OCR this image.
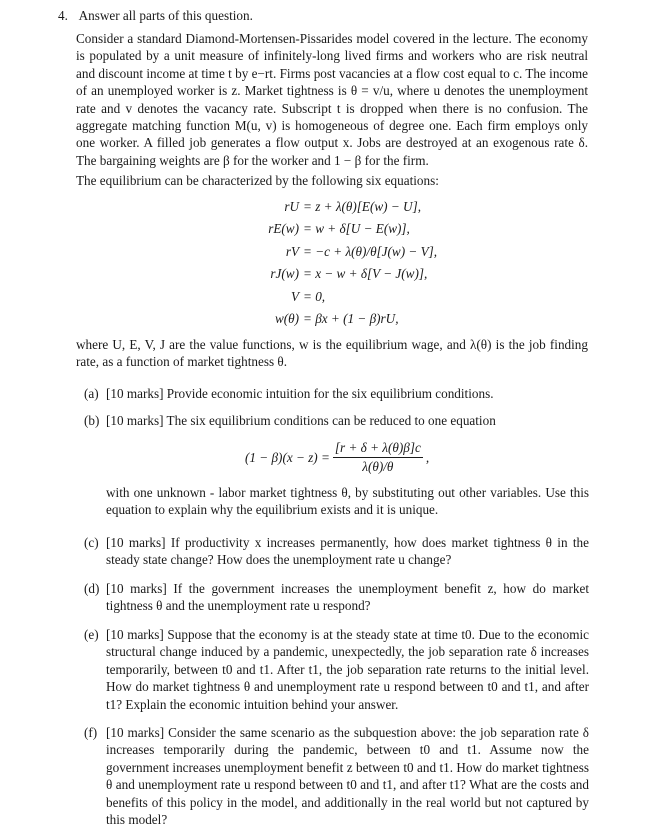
4. Answer all parts of this question.

Consider a standard Diamond-Mortensen-Pissarides model covered in the lecture. The economy is populated by a unit measure of infinitely-long lived firms and workers who are risk neutral and discount income at time t by e−rt. Firms post vacancies at a flow cost equal to c. The income of an unemployed worker is z. Market tightness is θ = v/u, where u denotes the unemployment rate and v denotes the vacancy rate. Subscript t is dropped when there is no confusion. The aggregate matching function M(u, v) is homogeneous of degree one. Each firm employs only one worker. A filled job generates a flow output x. Jobs are destroyed at an exogenous rate δ. The bargaining weights are β for the worker and 1 − β for the firm.

The equilibrium can be characterized by the following six equations:

rU = z + λ(θ)[E(w) − U],
rE(w) = w + δ[U − E(w)],
rV = −c + λ(θ)/θ[J(w) − V],
rJ(w) = x − w + δ[V − J(w)],
V = 0,
w(θ) = βx + (1 − β)rU,

where U, E, V, J are the value functions, w is the equilibrium wage, and λ(θ) is the job finding rate, as a function of market tightness θ.

(a) [10 marks] Provide economic intuition for the six equilibrium conditions.
(b) [10 marks] The six equilibrium conditions can be reduced to one equation
$(1 - \beta)(x - z) = \frac{[r + \delta + \lambda(\theta)\beta]c}{\lambda(\theta)/\theta}$ ,
with one unknown - labor market tightness θ, by substituting out other variables. Use this equation to explain why the equilibrium exists and it is unique.
(c) [10 marks] If productivity x increases permanently, how does market tightness θ in the steady state change? How does the unemployment rate u change?
(d) [10 marks] If the government increases the unemployment benefit z, how do market tightness θ and the unemployment rate u respond?
(e) [10 marks] Suppose that the economy is at the steady state at time t0. Due to the economic structural change induced by a pandemic, unexpectedly, the job separation rate δ increases temporarily, between t0 and t1. After t1, the job separation rate returns to the initial level. How do market tightness θ and unemployment rate u respond between t0 and t1, and after t1? Explain the economic intuition behind your answer.
(f) [10 marks] Consider the same scenario as the subquestion above: the job separation rate δ increases temporarily during the pandemic, between t0 and t1. Assume now the government increases unemployment benefit z between t0 and t1. How do market tightness θ and unemployment rate u respond between t0 and t1, and after t1? What are the costs and benefits of this policy in the model, and additionally in the real world but not captured by this model?
